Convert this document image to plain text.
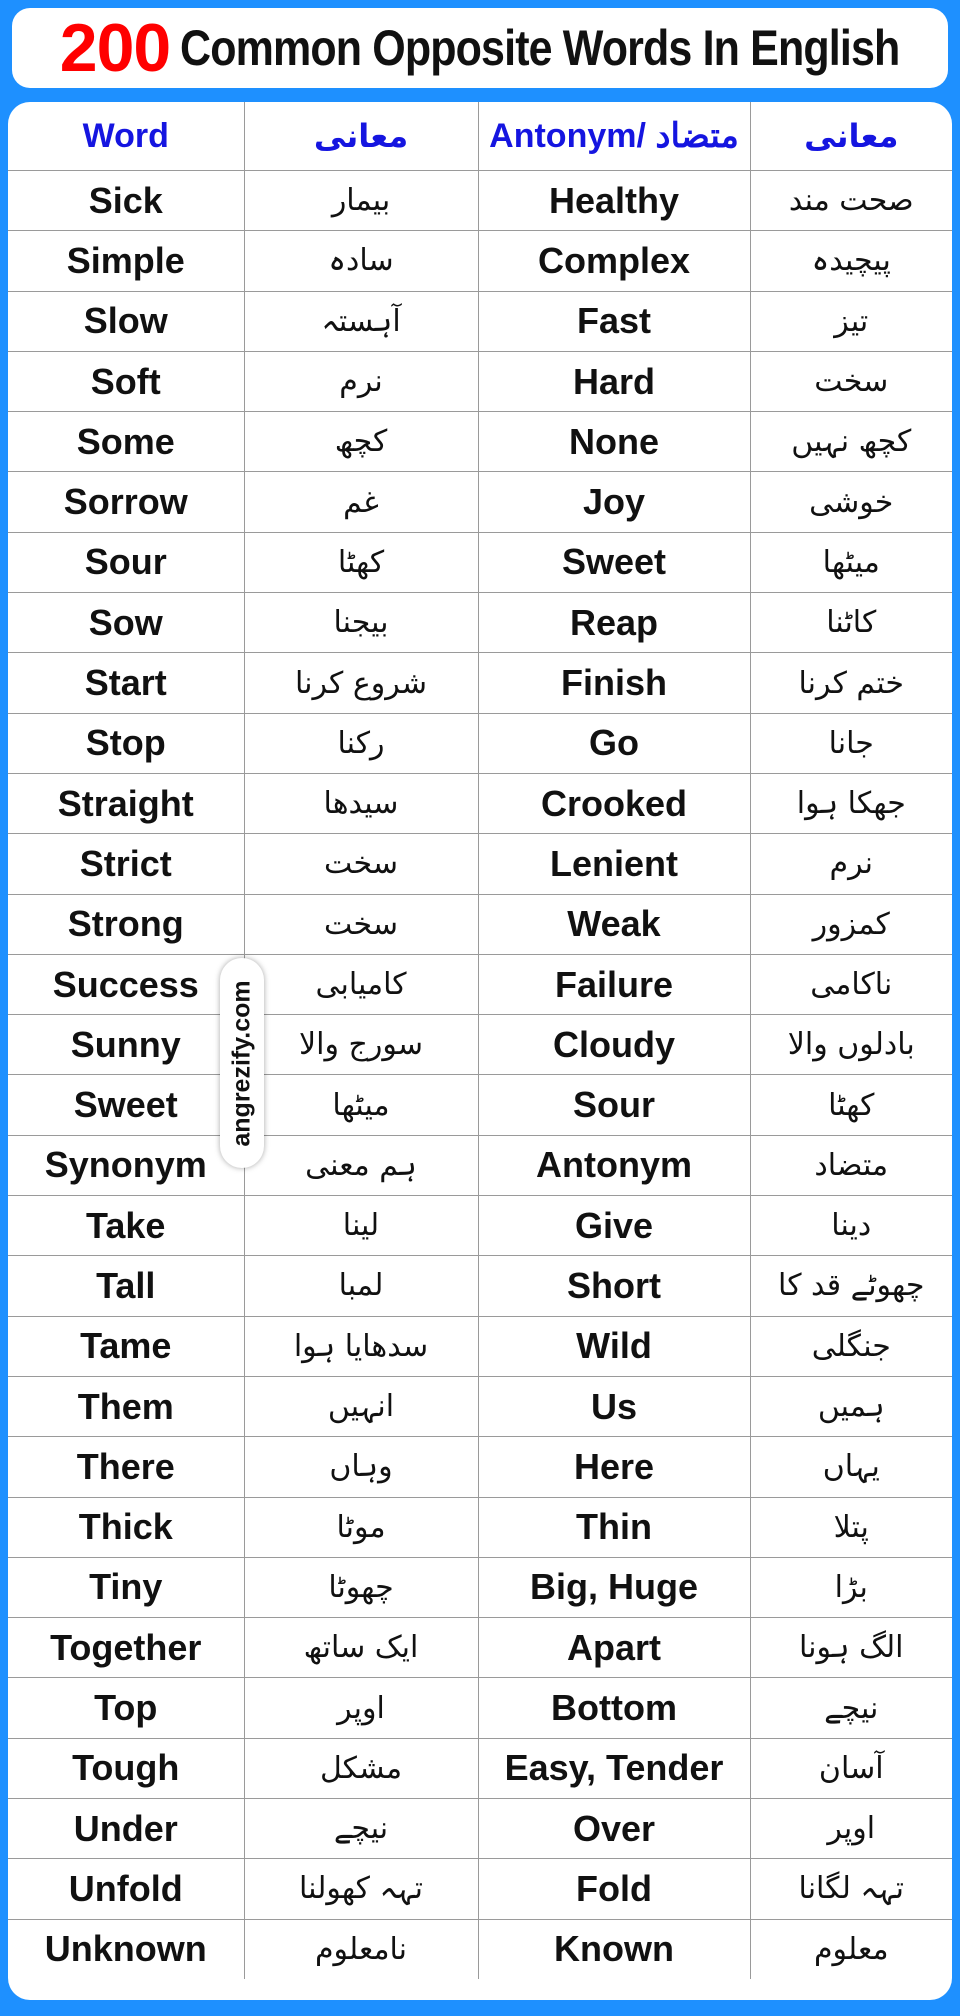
200 Common Opposite Words In English
Word	معانی	Antonym/ متضاد	معانی
Sick	بیمار	Healthy	صحت مند
Simple	سادہ	Complex	پیچیدہ
Slow	آہستہ	Fast	تیز
Soft	نرم	Hard	سخت
Some	کچھ	None	کچھ نہیں
Sorrow	غم	Joy	خوشی
Sour	کھٹا	Sweet	میٹھا
Sow	بیجنا	Reap	کاٹنا
Start	شروع کرنا	Finish	ختم کرنا
Stop	رکنا	Go	جانا
Straight	سیدھا	Crooked	جھکا ہوا
Strict	سخت	Lenient	نرم
Strong	سخت	Weak	کمزور
Success	کامیابی	Failure	ناکامی
Sunny	سورج والا	Cloudy	بادلوں والا
Sweet	میٹھا	Sour	کھٹا
Synonym	ہم معنی	Antonym	متضاد
Take	لینا	Give	دینا
Tall	لمبا	Short	چھوٹے قد کا
Tame	سدھایا ہوا	Wild	جنگلی
Them	انہیں	Us	ہمیں
There	وہاں	Here	یہاں
Thick	موٹا	Thin	پتلا
Tiny	چھوٹا	Big, Huge	بڑا
Together	ایک ساتھ	Apart	الگ ہونا
Top	اوپر	Bottom	نیچے
Tough	مشکل	Easy, Tender	آسان
Under	نیچے	Over	اوپر
Unfold	تہہ کھولنا	Fold	تہہ لگانا
Unknown	نامعلوم	Known	معلوم
angrezify.com
